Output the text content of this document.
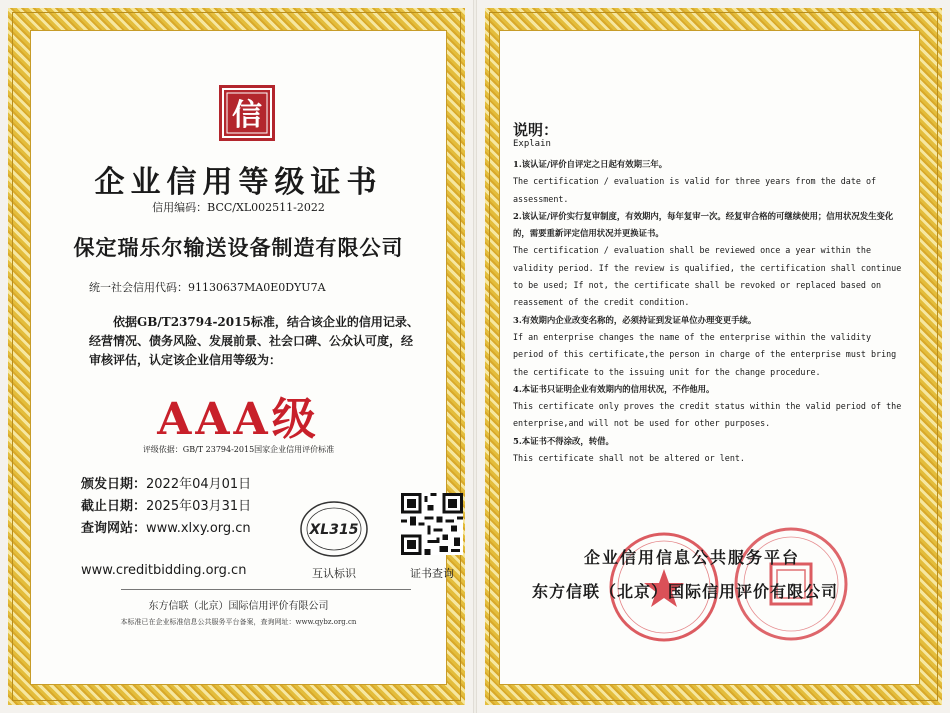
信
企业信用等级证书
信用编码：BCC/XL002511-2022
保定瑞乐尔输送设备制造有限公司
统一社会信用代码：91130637MA0E0DYU7A
依据GB/T23794-2015标准，结合该企业的信用记录、经营情况、债务风险、发展前景、社会口碑、公众认可度，经审核评估，认定该企业信用等级为：
AAA级
评级依据：GB/T 23794-2015国家企业信用评价标准
颁发日期：2022年04月01日
截止日期：2025年03月31日
查询网站：www.xlxy.org.cn
www.creditbidding.org.cn
XL315
互认标识	证书查询
东方信联（北京）国际信用评价有限公司
本标准已在企业标准信息公共服务平台备案，查询网址：www.qybz.org.cn
说明：
Explain

1.该认证/评价自评定之日起有效期三年。

The certification / evaluation is valid for three years from the date of assessment.

2.该认证/评价实行复审制度，有效期内，每年复审一次。经复审合格的可继续使用；信用状况发生变化的，需要重新评定信用状况并更换证书。

The certification / evaluation shall be reviewed once a year within the validity period. If the review is qualified, the certification shall continue to be used; If not, the certificate shall be revoked or replaced based on reassement of the credit condition.

3.有效期内企业改变名称的，必须持证到发证单位办理变更手续。

If an enterprise changes the name of the enterprise within the validity period of this certificate,the person in charge of the enterprise must bring the certificate to the issuing unit for the change procedure.

4.本证书只证明企业有效期内的信用状况，不作他用。

This certificate only proves the credit status within the valid period of the enterprise,and will not be used for other purposes.

5.本证书不得涂改，转借。

This certificate shall not be altered or lent.

企业信用信息公共服务平台
东方信联（北京）国际信用评价有限公司
